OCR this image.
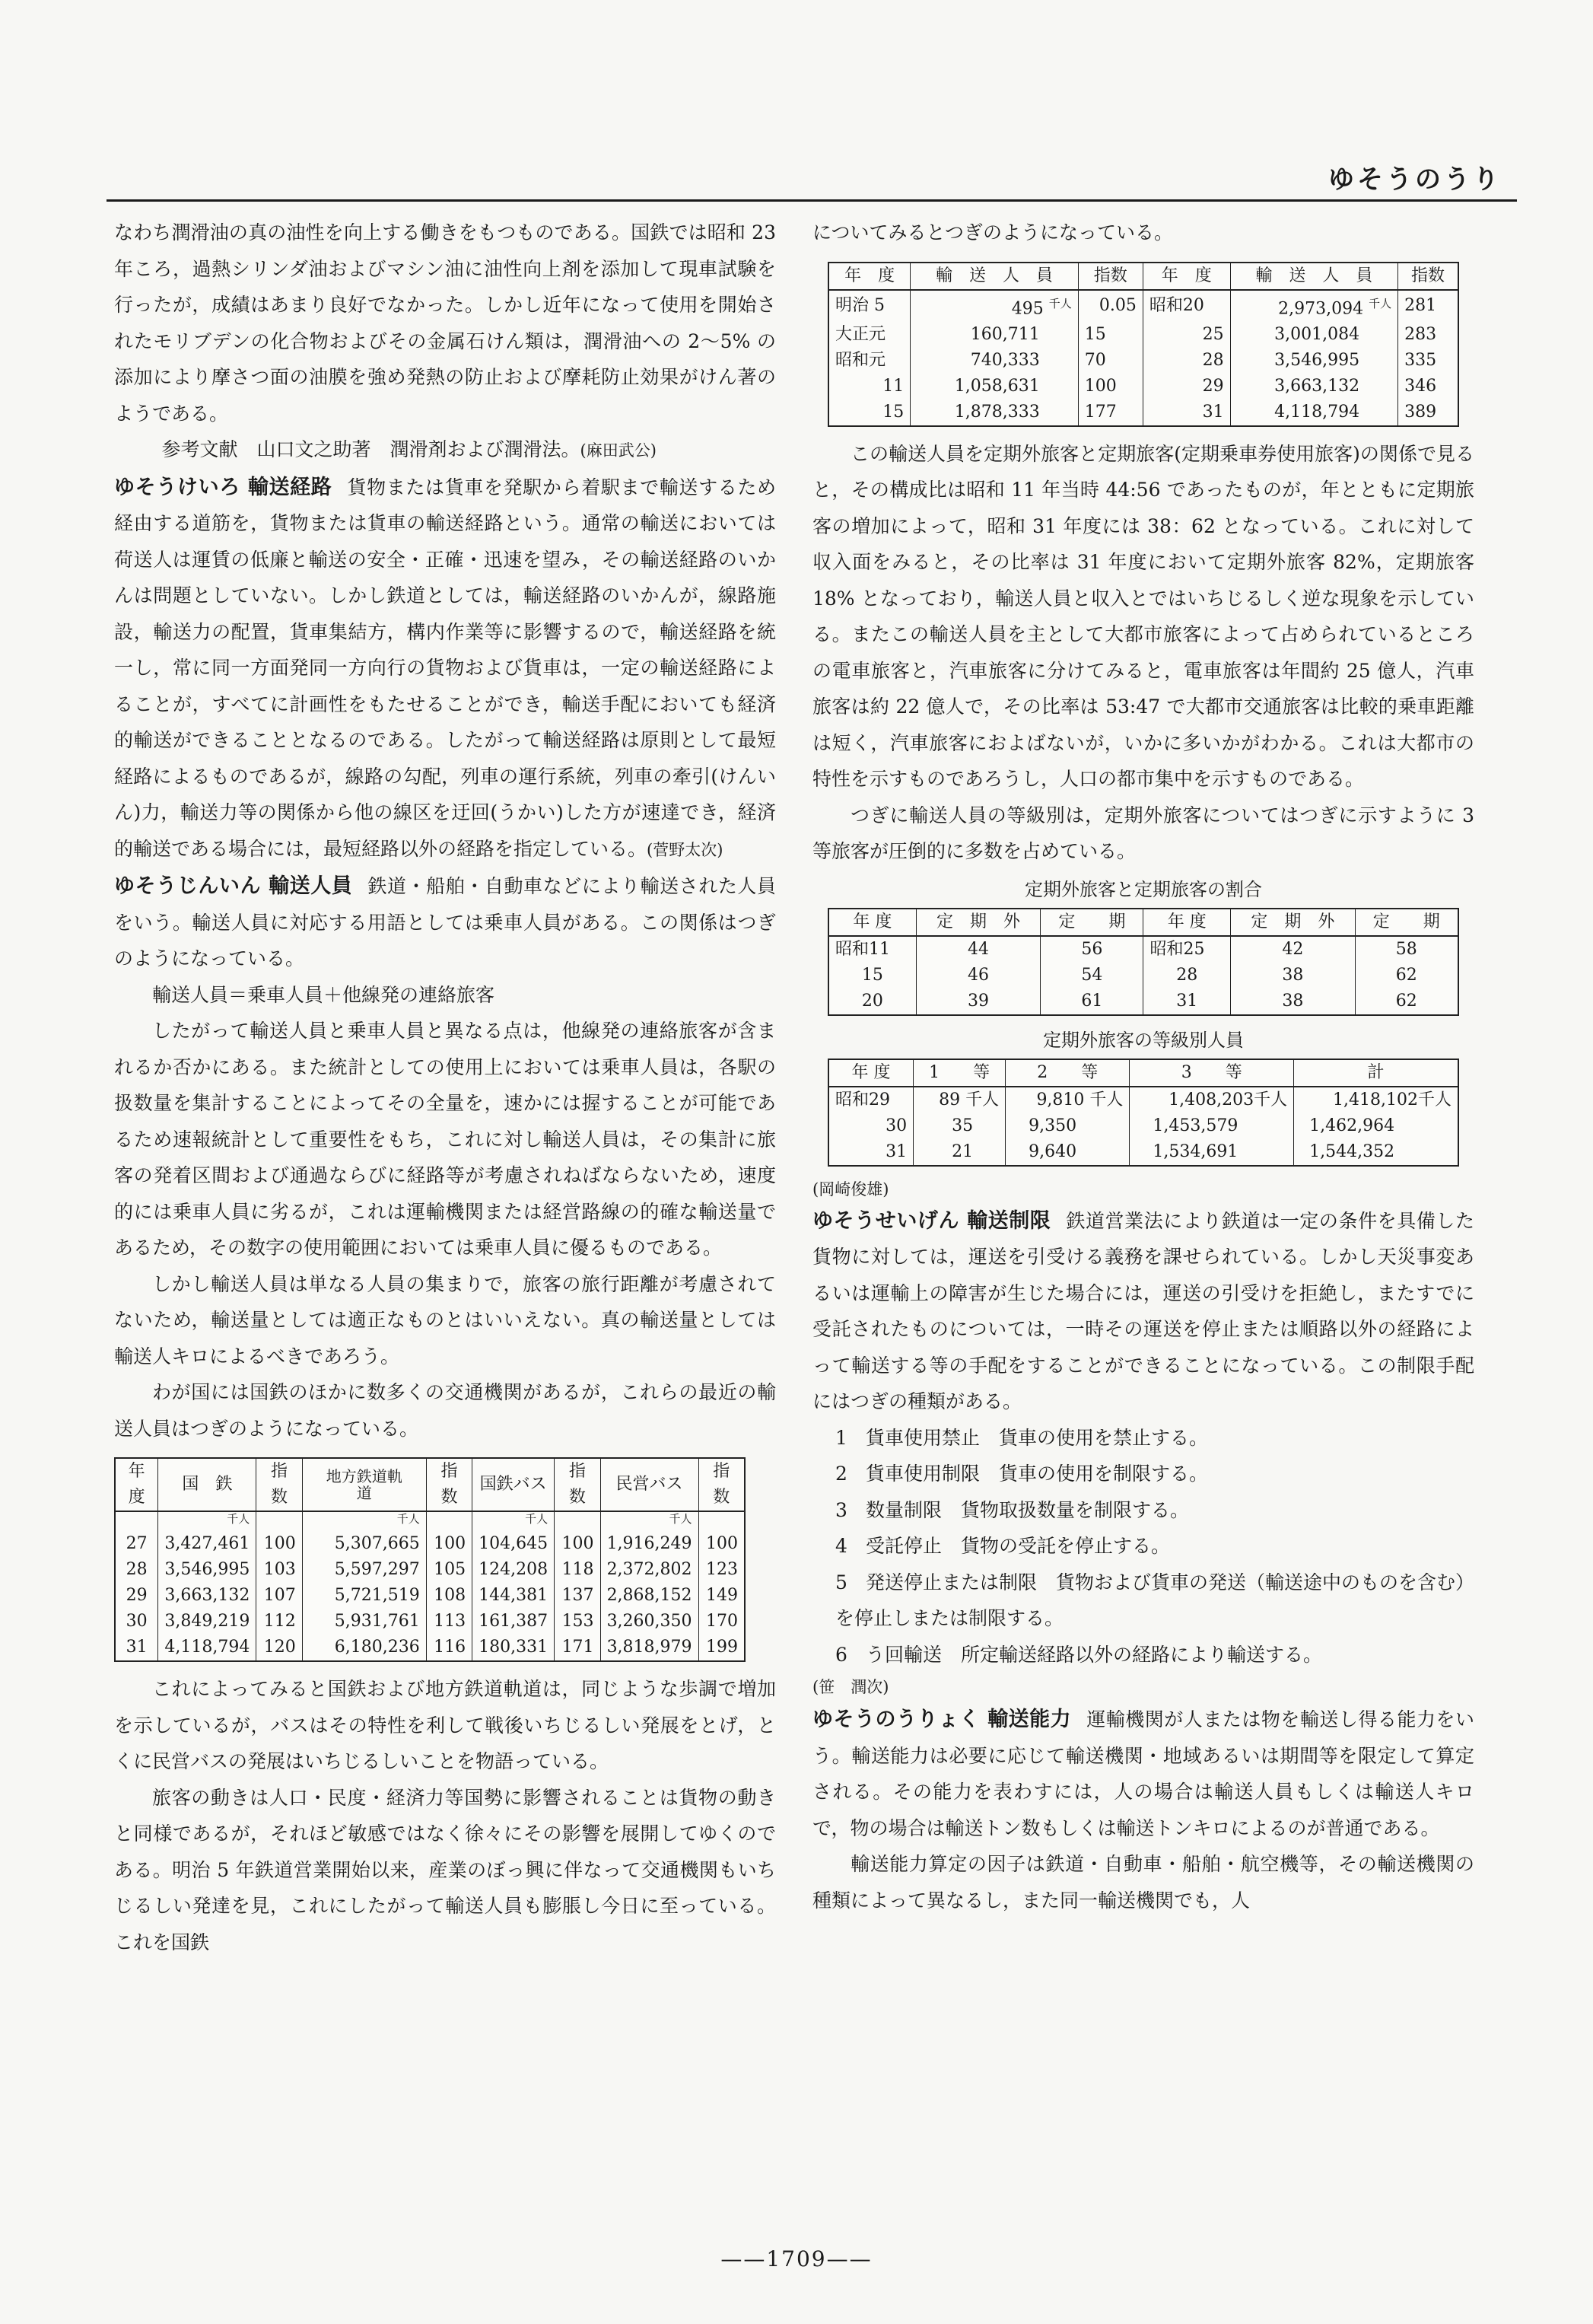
ゆそうのうり

なわち潤滑油の真の油性を向上する働きをもつものである。国鉄では昭和 23 年ころ，過熱シリンダ油およびマシン油に油性向上剤を添加して現車試験を行ったが，成績はあまり良好でなかった。しかし近年になって使用を開始されたモリブデンの化合物およびその金属石けん類は，潤滑油への 2～5% の添加により摩さつ面の油膜を強め発熱の防止および摩耗防止効果がけん著のようである。

参考文献　山口文之助著　潤滑剤および潤滑法。(麻田武公)

ゆそうけいろ 輸送経路 貨物または貨車を発駅から着駅まで輸送するため経由する道筋を，貨物または貨車の輸送経路という。通常の輸送においては荷送人は運賃の低廉と輸送の安全・正確・迅速を望み，その輸送経路のいかんは問題としていない。しかし鉄道としては，輸送経路のいかんが，線路施設，輸送力の配置，貨車集結方，構内作業等に影響するので，輸送経路を統一し，常に同一方面発同一方向行の貨物および貨車は，一定の輸送経路によることが，すべてに計画性をもたせることができ，輸送手配においても経済的輸送ができることとなるのである。したがって輸送経路は原則として最短経路によるものであるが，線路の勾配，列車の運行系統，列車の牽引(けんいん)力，輸送力等の関係から他の線区を迂回(うかい)した方が速達でき，経済的輸送である場合には，最短経路以外の経路を指定している。(菅野太次)

ゆそうじんいん 輸送人員 鉄道・船舶・自動車などにより輸送された人員をいう。輸送人員に対応する用語としては乗車人員がある。この関係はつぎのようになっている。

輸送人員＝乗車人員＋他線発の連絡旅客

したがって輸送人員と乗車人員と異なる点は，他線発の連絡旅客が含まれるか否かにある。また統計としての使用上においては乗車人員は，各駅の扱数量を集計することによってその全量を，速かには握することが可能であるため速報統計として重要性をもち，これに対し輸送人員は，その集計に旅客の発着区間および通過ならびに経路等が考慮されねばならないため，速度的には乗車人員に劣るが，これは運輸機関または経営路線の的確な輸送量であるため，その数字の使用範囲においては乗車人員に優るものである。

しかし輸送人員は単なる人員の集まりで，旅客の旅行距離が考慮されてないため，輸送量としては適正なものとはいいえない。真の輸送量としては輸送人キロによるべきであろう。

わが国には国鉄のほかに数多くの交通機関があるが，これらの最近の輸送人員はつぎのようになっている。

年度	国　鉄	指数	地方鉄道軌　　道	指数	国鉄バス	指数	民営バス	指数
	$^{千人}$		$^{千人}$		$^{千人}$		$^{千人}$	
27	3,427,461	100	5,307,665	100	104,645	100	1,916,249	100
28	3,546,995	103	5,597,297	105	124,208	118	2,372,802	123
29	3,663,132	107	5,721,519	108	144,381	137	2,868,152	149
30	3,849,219	112	5,931,761	113	161,387	153	3,260,350	170
31	4,118,794	120	6,180,236	116	180,331	171	3,818,979	199

これによってみると国鉄および地方鉄道軌道は，同じような歩調で増加を示しているが，バスはその特性を利して戦後いちじるしい発展をとげ，とくに民営バスの発展はいちじるしいことを物語っている。

旅客の動きは人口・民度・経済力等国勢に影響されることは貨物の動きと同様であるが，それほど敏感ではなく徐々にその影響を展開してゆくのである。明治 5 年鉄道営業開始以来，産業のぼっ興に伴なって交通機関もいちじるしい発達を見，これにしたがって輸送人員も膨脹し今日に至っている。これを国鉄

についてみるとつぎのようになっている。

年　度	輸　送　人　員	指数	年　度	輸　送　人　員	指数
明治 5	495 $^{千人}$	0.05	昭和20	2,973,094 $^{千人}$	281
大正元	160,711	15	25	3,001,084	283
昭和元	740,333	70	28	3,546,995	335
11	1,058,631	100	29	3,663,132	346
15	1,878,333	177	31	4,118,794	389

この輸送人員を定期外旅客と定期旅客(定期乗車券使用旅客)の関係で見ると，その構成比は昭和 11 年当時 44:56 であったものが，年とともに定期旅客の増加によって，昭和 31 年度には 38：62 となっている。これに対して収入面をみると，その比率は 31 年度において定期外旅客 82%，定期旅客 18% となっており，輸送人員と収入とではいちじるしく逆な現象を示している。またこの輸送人員を主として大都市旅客によって占められているところの電車旅客と，汽車旅客に分けてみると，電車旅客は年間約 25 億人，汽車旅客は約 22 億人で，その比率は 53:47 で大都市交通旅客は比較的乗車距離は短く，汽車旅客におよばないが，いかに多いかがわかる。これは大都市の特性を示すものであろうし，人口の都市集中を示すものである。

つぎに輸送人員の等級別は，定期外旅客についてはつぎに示すように 3 等旅客が圧倒的に多数を占めている。

定期外旅客と定期旅客の割合
年 度	定　期　外	定　　期	年 度	定　期　外	定　　期
昭和11	44	56	昭和25	42	58
15	46	54	28	38	62
20	39	61	31	38	62
定期外旅客の等級別人員
年 度	1　　等	2　　等	3　　等	計
昭和29	89 千人	9,810 千人	1,408,203千人	1,418,102千人
30	35	9,350	1,453,579	1,462,964
31	21	9,640	1,534,691	1,544,352

(岡崎俊雄)

ゆそうせいげん 輸送制限 鉄道営業法により鉄道は一定の条件を具備した貨物に対しては，運送を引受ける義務を課せられている。しかし天災事変あるいは運輸上の障害が生じた場合には，運送の引受けを拒絶し，またすでに受託されたものについては，一時その運送を停止または順路以外の経路によって輸送する等の手配をすることができることになっている。この制限手配にはつぎの種類がある。

1 貨車使用禁止　貨車の使用を禁止する。

2 貨車使用制限　貨車の使用を制限する。

3 数量制限　貨物取扱数量を制限する。

4 受託停止　貨物の受託を停止する。

5 発送停止または制限　貨物および貨車の発送（輸送途中のものを含む）を停止しまたは制限する。

6 う回輸送　所定輸送経路以外の経路により輸送する。

(笹　潤次)

ゆそうのうりょく 輸送能力 運輸機関が人または物を輸送し得る能力をいう。輸送能力は必要に応じて輸送機関・地域あるいは期間等を限定して算定される。その能力を表わすには，人の場合は輸送人員もしくは輸送人キロで，物の場合は輸送トン数もしくは輸送トンキロによるのが普通である。

輸送能力算定の因子は鉄道・自動車・船舶・航空機等，その輸送機関の種類によって異なるし，また同一輸送機関でも，人

——1709——
